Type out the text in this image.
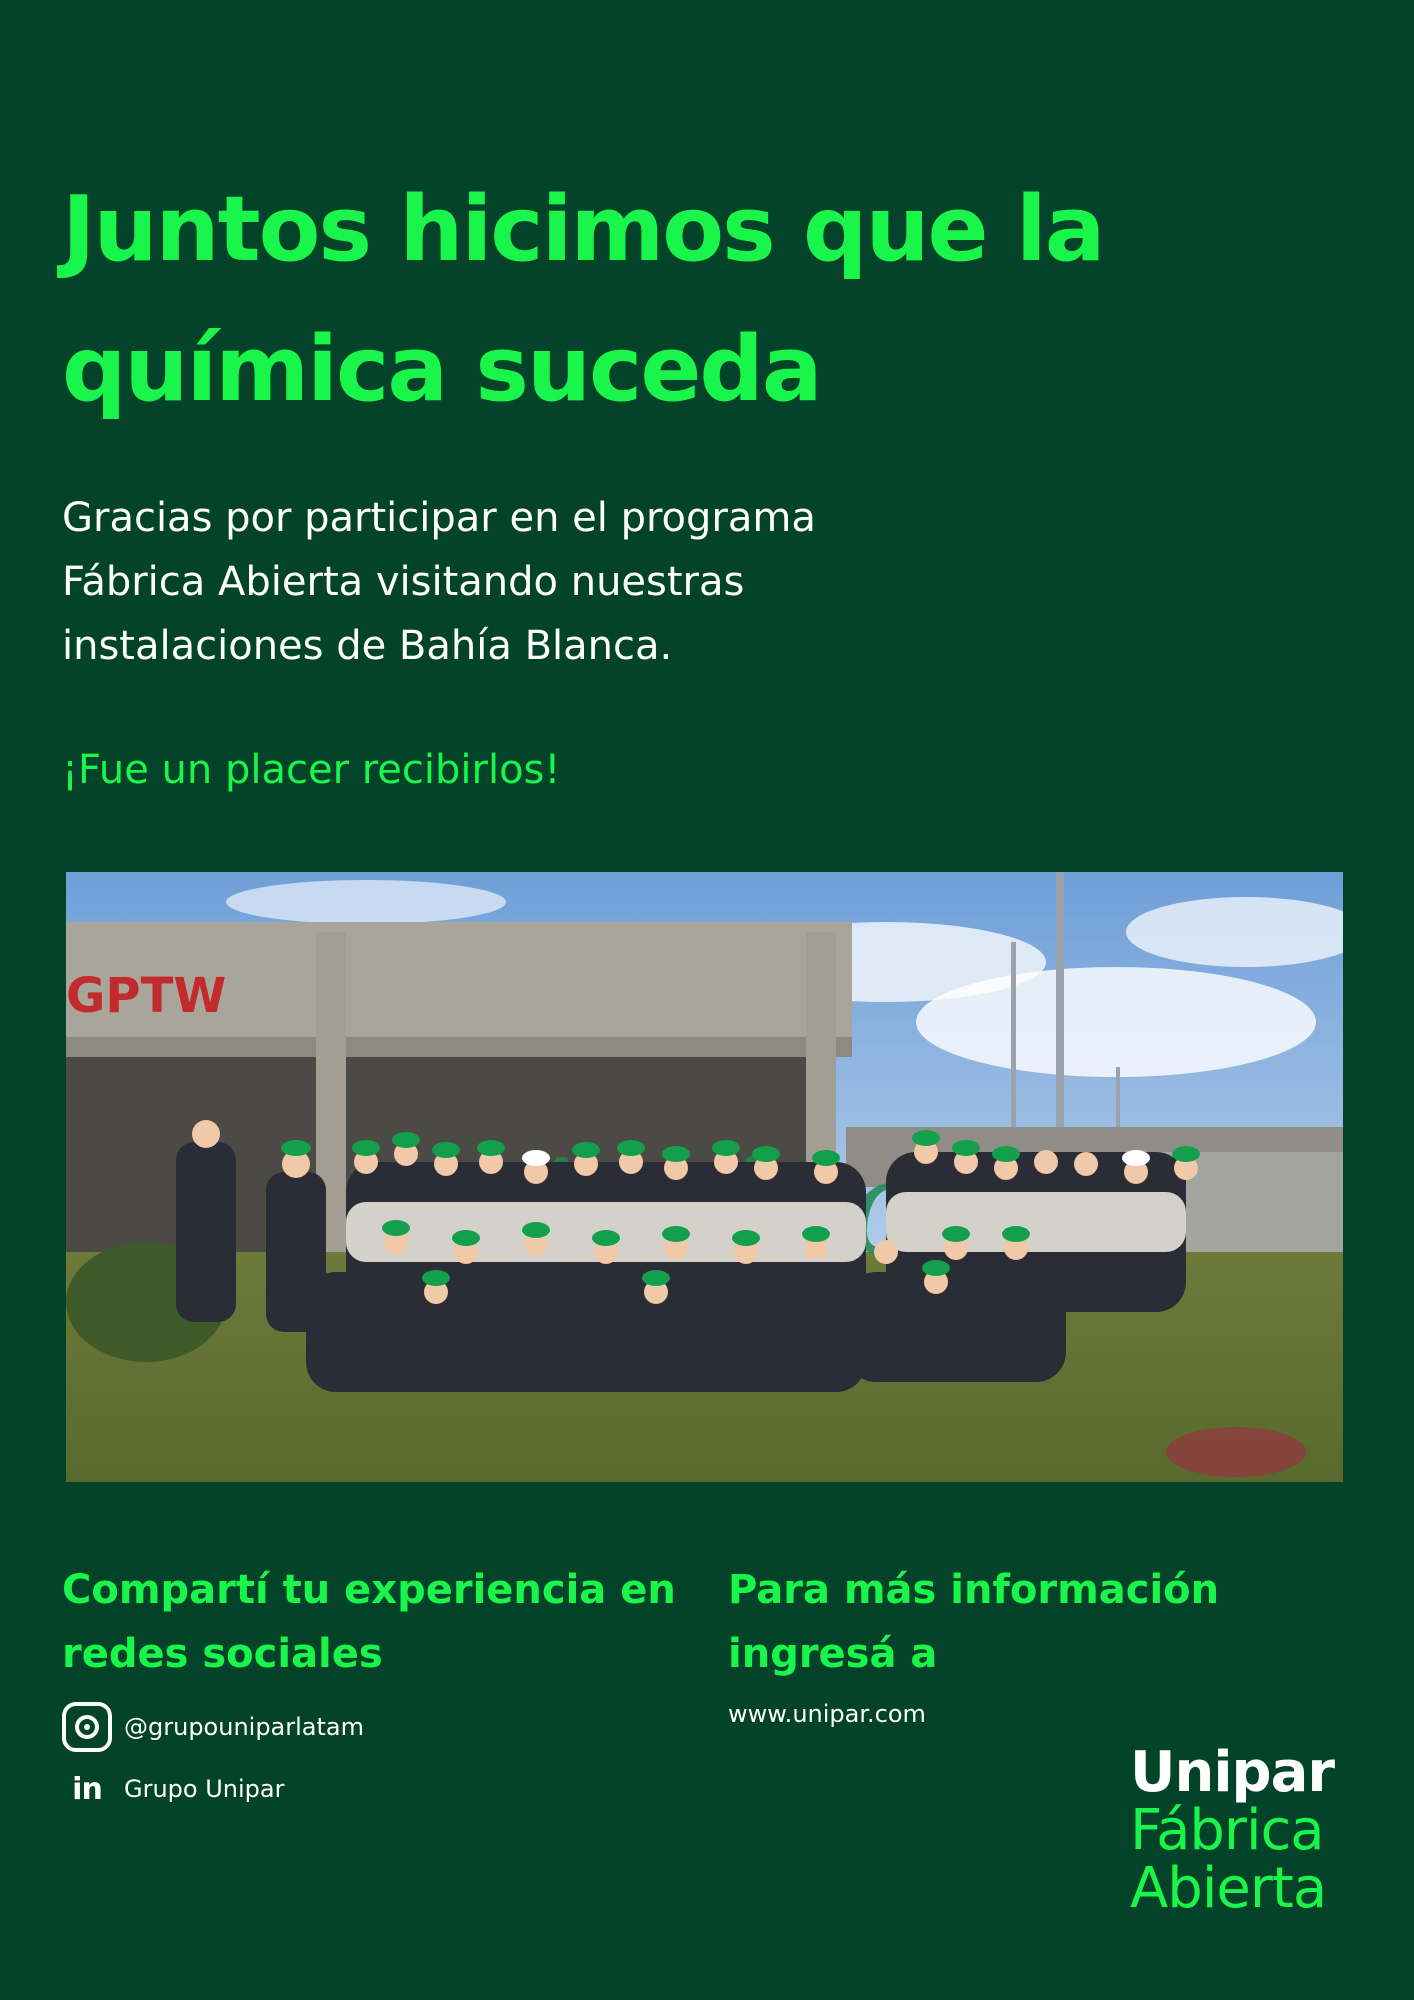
Juntos hicimos que la química suceda

Gracias por participar en el programa Fábrica Abierta visitando nuestras instalaciones de Bahía Blanca.

¡Fue un placer recibirlos!

GPTW

Compartí tu experiencia en redes sociales

@grupouniparlatam
in Grupo Unipar

Para más información ingresá a

www.unipar.com

Unipar
Fábrica
Abierta
